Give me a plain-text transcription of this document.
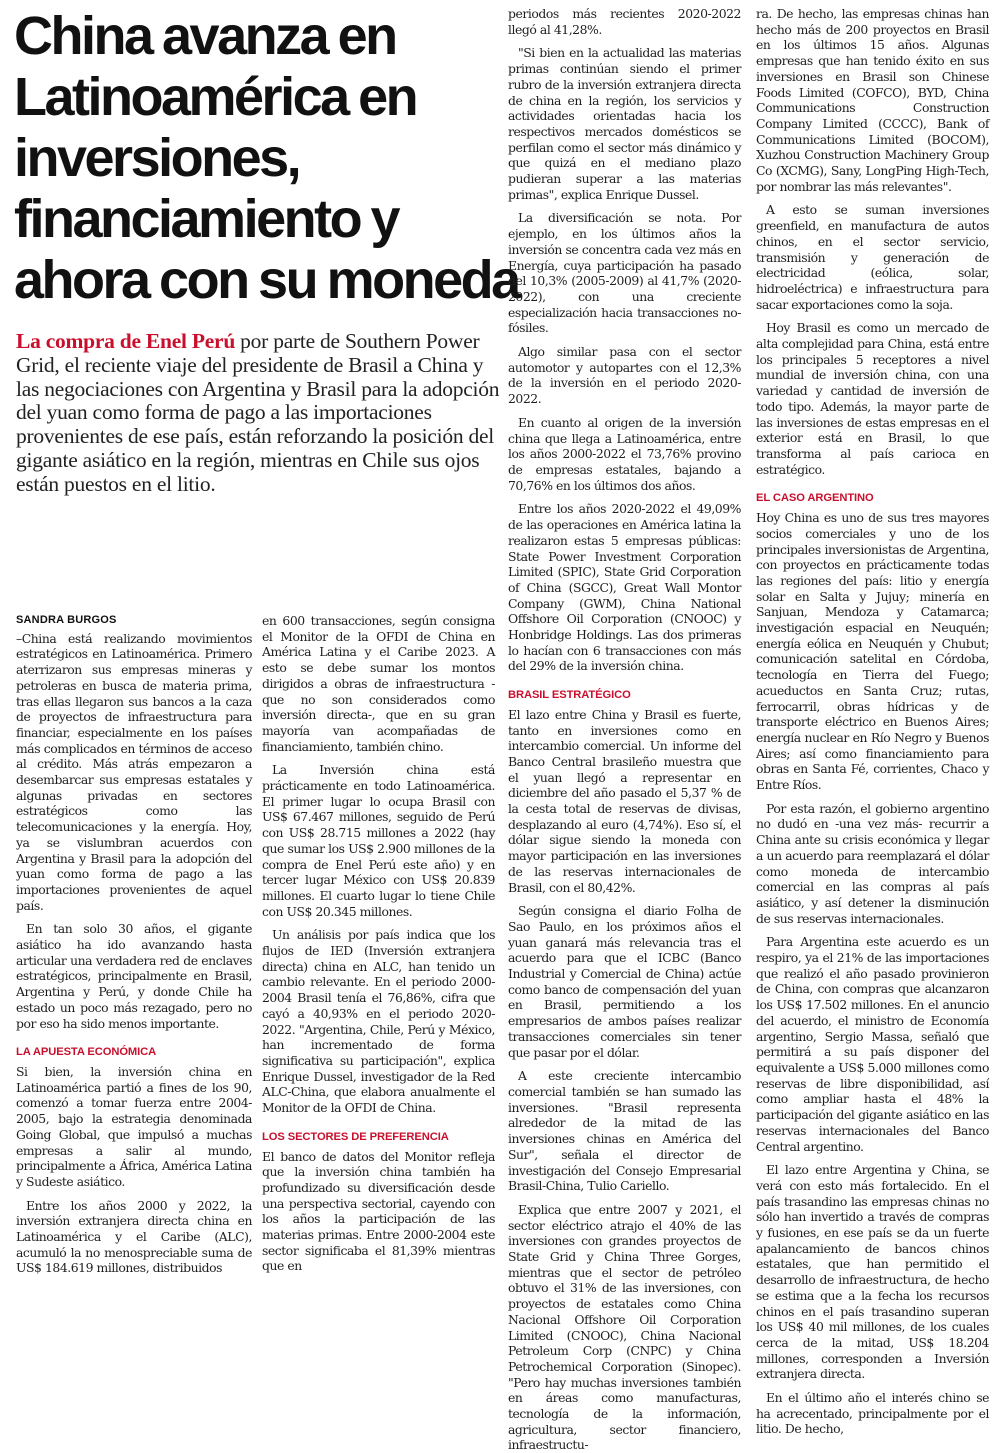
China avanza en
Latinoamérica en
inversiones,
financiamiento y
ahora con su moneda
La compra de Enel Perú por parte de Southern Power Grid, el reciente viaje del presidente de Brasil a China y las negociaciones con Argentina y Brasil para la adopción del yuan como forma de pago a las importaciones provenientes de ese país, están reforzando la posición del gigante asiático en la región, mientras en Chile sus ojos están puestos en el litio.
SANDRA BURGOS

–China está realizando movimientos estratégicos en Latinoamérica. Primero aterrizaron sus empresas mineras y petroleras en busca de materia prima, tras ellas llegaron sus bancos a la caza de proyectos de infraestructura para financiar, especialmente en los países más complicados en términos de acceso al crédito. Más atrás empezaron a desembarcar sus empresas estatales y algunas privadas en sectores estratégicos como las telecomunicaciones y la energía. Hoy, ya se vislumbran acuerdos con Argentina y Brasil para la adopción del yuan como forma de pago a las importaciones provenientes de aquel país.

En tan solo 30 años, el gigante asiático ha ido avanzando hasta articular una verdadera red de enclaves estratégicos, principalmente en Brasil, Argentina y Perú, y donde Chile ha estado un poco más rezagado, pero no por eso ha sido menos importante.

LA APUESTA ECONÓMICA

Si bien, la inversión china en Latinoamérica partió a fines de los 90, comenzó a tomar fuerza entre 2004-2005, bajo la estrategia denominada Going Global, que impulsó a muchas empresas a salir al mundo, principalmente a África, América Latina y Sudeste asiático.

Entre los años 2000 y 2022, la inversión extranjera directa china en Latinoamérica y el Caribe (ALC), acumuló la no menospreciable suma de US$ 184.619 millones, distribuidos

en 600 transacciones, según consigna el Monitor de la OFDI de China en América Latina y el Caribe 2023. A esto se debe sumar los montos dirigidos a obras de infraestructura -que no son considerados como inversión directa-, que en su gran mayoría van acompañadas de financiamiento, también chino.

La Inversión china está prácticamente en todo Latinoamérica. El primer lugar lo ocupa Brasil con US$ 67.467 millones, seguido de Perú con US$ 28.715 millones a 2022 (hay que sumar los US$ 2.900 millones de la compra de Enel Perú este año) y en tercer lugar México con US$ 20.839 millones. El cuarto lugar lo tiene Chile con US$ 20.345 millones.

Un análisis por país indica que los flujos de IED (Inversión extranjera directa) china en ALC, han tenido un cambio relevante. En el periodo 2000-2004 Brasil tenía el 76,86%, cifra que cayó a 40,93% en el periodo 2020-2022. "Argentina, Chile, Perú y México, han incrementado de forma significativa su participación", explica Enrique Dussel, investigador de la Red ALC-China, que elabora anualmente el Monitor de la OFDI de China.

LOS SECTORES DE PREFERENCIA

El banco de datos del Monitor refleja que la inversión china también ha profundizado su diversificación desde una perspectiva sectorial, cayendo con los años la participación de las materias primas. Entre 2000-2004 este sector significaba el 81,39% mientras que en

periodos más recientes 2020-2022 llegó al 41,28%.

"Si bien en la actualidad las materias primas continúan siendo el primer rubro de la inversión extranjera directa de china en la región, los servicios y actividades orientadas hacia los respectivos mercados domésticos se perfilan como el sector más dinámico y que quizá en el mediano plazo pudieran superar a las materias primas", explica Enrique Dussel.

La diversificación se nota. Por ejemplo, en los últimos años la inversión se concentra cada vez más en Energía, cuya participación ha pasado del 10,3% (2005-2009) al 41,7% (2020-2022), con una creciente especialización hacia transacciones no-fósiles.

Algo similar pasa con el sector automotor y autopartes con el 12,3% de la inversión en el periodo 2020-2022.

En cuanto al origen de la inversión china que llega a Latinoamérica, entre los años 2000-2022 el 73,76% provino de empresas estatales, bajando a 70,76% en los últimos dos años.

Entre los años 2020-2022 el 49,09% de las operaciones en América latina la realizaron estas 5 empresas públicas: State Power Investment Corporation Limited (SPIC), State Grid Corporation of China (SGCC), Great Wall Montor Company (GWM), China National Offshore Oil Corporation (CNOOC) y Honbridge Holdings. Las dos primeras lo hacían con 6 transacciones con más del 29% de la inversión china.

BRASIL ESTRATÉGICO

El lazo entre China y Brasil es fuerte, tanto en inversiones como en intercambio comercial. Un informe del Banco Central brasileño muestra que el yuan llegó a representar en diciembre del año pasado el 5,37 % de la cesta total de reservas de divisas, desplazando al euro (4,74%). Eso sí, el dólar sigue siendo la moneda con mayor participación en las inversiones de las reservas internacionales de Brasil, con el 80,42%.

Según consigna el diario Folha de Sao Paulo, en los próximos años el yuan ganará más relevancia tras el acuerdo para que el ICBC (Banco Industrial y Comercial de China) actúe como banco de compensación del yuan en Brasil, permitiendo a los empresarios de ambos países realizar transacciones comerciales sin tener que pasar por el dólar.

A este creciente intercambio comercial también se han sumado las inversiones. "Brasil representa alrededor de la mitad de las inversiones chinas en América del Sur", señala el director de investigación del Consejo Empresarial Brasil-China, Tulio Cariello.

Explica que entre 2007 y 2021, el sector eléctrico atrajo el 40% de las inversiones con grandes proyectos de State Grid y China Three Gorges, mientras que el sector de petróleo obtuvo el 31% de las inversiones, con proyectos de estatales como China Nacional Offshore Oil Corporation Limited (CNOOC), China Nacional Petroleum Corp (CNPC) y China Petrochemical Corporation (Sinopec). "Pero hay muchas inversiones también en áreas como manufacturas, tecnología de la información, agricultura, sector financiero, infraestructu-

ra. De hecho, las empresas chinas han hecho más de 200 proyectos en Brasil en los últimos 15 años. Algunas empresas que han tenido éxito en sus inversiones en Brasil son Chinese Foods Limited (COFCO), BYD, China Communications Construction Company Limited (CCCC), Bank of Communications Limited (BOCOM), Xuzhou Construction Machinery Group Co (XCMG), Sany, LongPing High-Tech, por nombrar las más relevantes".

A esto se suman inversiones greenfield, en manufactura de autos chinos, en el sector servicio, transmisión y generación de electricidad (eólica, solar, hidroeléctrica) e infraestructura para sacar exportaciones como la soja.

Hoy Brasil es como un mercado de alta complejidad para China, está entre los principales 5 receptores a nivel mundial de inversión china, con una variedad y cantidad de inversión de todo tipo. Además, la mayor parte de las inversiones de estas empresas en el exterior está en Brasil, lo que transforma al país carioca en estratégico.

EL CASO ARGENTINO

Hoy China es uno de sus tres mayores socios comerciales y uno de los principales inversionistas de Argentina, con proyectos en prácticamente todas las regiones del país: litio y energía solar en Salta y Jujuy; minería en Sanjuan, Mendoza y Catamarca; investigación espacial en Neuquén; energía eólica en Neuquén y Chubut; comunicación satelital en Córdoba, tecnología en Tierra del Fuego; acueductos en Santa Cruz; rutas, ferrocarril, obras hídricas y de transporte eléctrico en Buenos Aires; energía nuclear en Río Negro y Buenos Aires; así como financiamiento para obras en Santa Fé, corrientes, Chaco y Entre Ríos.

Por esta razón, el gobierno argentino no dudó en -una vez más- recurrir a China ante su crisis económica y llegar a un acuerdo para reemplazará el dólar como moneda de intercambio comercial en las compras al país asiático, y así detener la disminución de sus reservas internacionales.

Para Argentina este acuerdo es un respiro, ya el 21% de las importaciones que realizó el año pasado provinieron de China, con compras que alcanzaron los US$ 17.502 millones. En el anuncio del acuerdo, el ministro de Economía argentino, Sergio Massa, señaló que permitirá a su país disponer del equivalente a US$ 5.000 millones como reservas de libre disponibilidad, así como ampliar hasta el 48% la participación del gigante asiático en las reservas internacionales del Banco Central argentino.

El lazo entre Argentina y China, se verá con esto más fortalecido. En el país trasandino las empresas chinas no sólo han invertido a través de compras y fusiones, en ese país se da un fuerte apalancamiento de bancos chinos estatales, que han permitido el desarrollo de infraestructura, de hecho se estima que a la fecha los recursos chinos en el país trasandino superan los US$ 40 mil millones, de los cuales cerca de la mitad, US$ 18.204 millones, corresponden a Inversión extranjera directa.

En el último año el interés chino se ha acrecentado, principalmente por el litio. De hecho,
